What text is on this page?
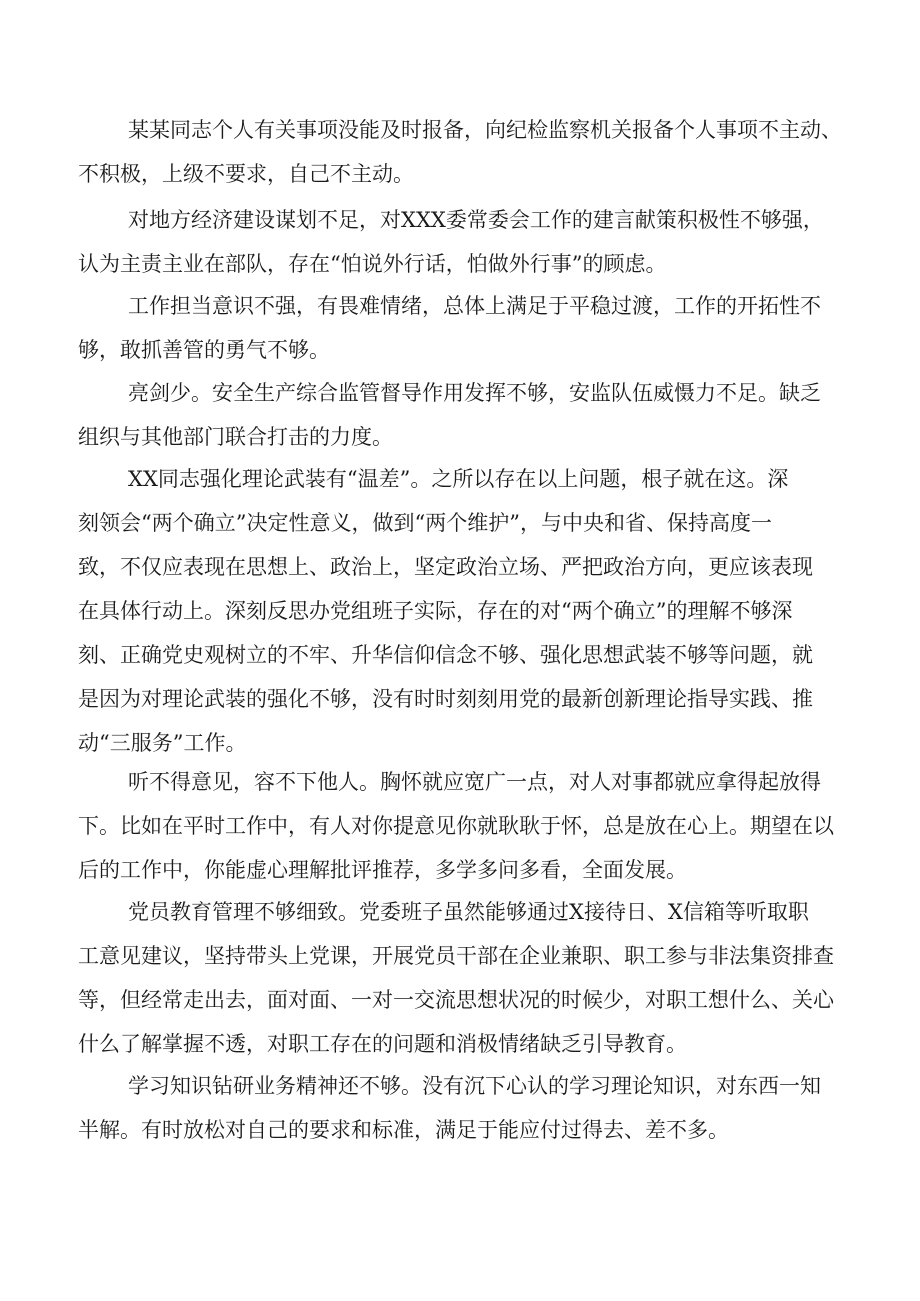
某某同志个人有关事项没能及时报备，向纪检监察机关报备个人事项不主动、
不积极，上级不要求，自己不主动。

对地方经济建设谋划不足，对XXX委常委会工作的建言献策积极性不够强，
认为主责主业在部队，存在“怕说外行话，怕做外行事”的顾虑。

工作担当意识不强，有畏难情绪，总体上满足于平稳过渡，工作的开拓性不
够，敢抓善管的勇气不够。

亮剑少。安全生产综合监管督导作用发挥不够，安监队伍威慑力不足。缺乏
组织与其他部门联合打击的力度。

XX同志强化理论武装有“温差”。之所以存在以上问题，根子就在这。深
刻领会“两个确立”决定性意义，做到“两个维护”，与中央和省、保持高度一
致，不仅应表现在思想上、政治上，坚定政治立场、严把政治方向，更应该表现
在具体行动上。深刻反思办党组班子实际，存在的对“两个确立”的理解不够深
刻、正确党史观树立的不牢、升华信仰信念不够、强化思想武装不够等问题，就
是因为对理论武装的强化不够，没有时时刻刻用党的最新创新理论指导实践、推
动“三服务”工作。

听不得意见，容不下他人。胸怀就应宽广一点，对人对事都就应拿得起放得
下。比如在平时工作中，有人对你提意见你就耿耿于怀，总是放在心上。期望在以
后的工作中，你能虚心理解批评推荐，多学多问多看，全面发展。

党员教育管理不够细致。党委班子虽然能够通过X接待日、X信箱等听取职
工意见建议，坚持带头上党课，开展党员干部在企业兼职、职工参与非法集资排查
等，但经常走出去，面对面、一对一交流思想状况的时候少，对职工想什么、关心
什么了解掌握不透，对职工存在的问题和消极情绪缺乏引导教育。

学习知识钻研业务精神还不够。没有沉下心认的学习理论知识，对东西一知
半解。有时放松对自己的要求和标准，满足于能应付过得去、差不多。
